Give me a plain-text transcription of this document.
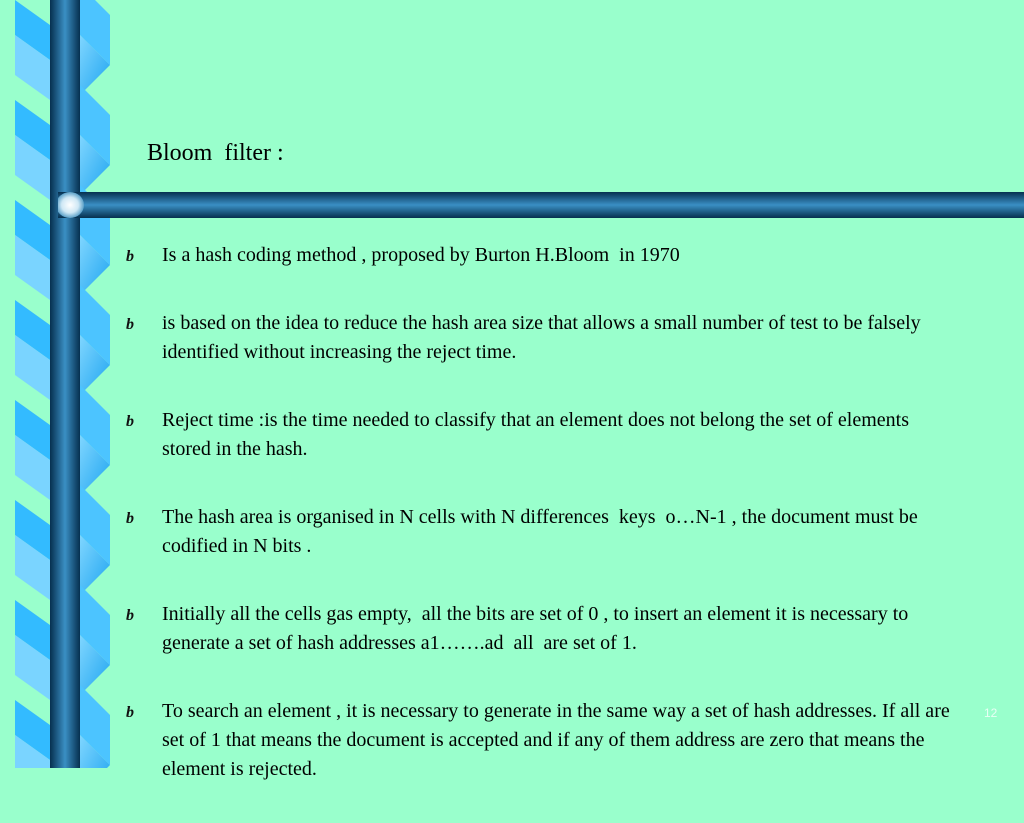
Bloom  filter :
b Is a hash coding method , proposed by Burton H.Bloom  in 1970
b is based on the idea to reduce the hash area size that allows a small number of test to be falsely identified without increasing the reject time.
b Reject time :is the time needed to classify that an element does not belong the set of elements stored in the hash.
b The hash area is organised in N cells with N differences  keys  o…N-1 , the document must be codified in N bits .
b Initially all the cells gas empty,  all the bits are set of 0 , to insert an element it is necessary to generate a set of hash addresses a1…….ad  all  are set of 1.
b To search an element , it is necessary to generate in the same way a set of hash addresses. If all are set of 1 that means the document is accepted and if any of them address are zero that means the element is rejected.
12
